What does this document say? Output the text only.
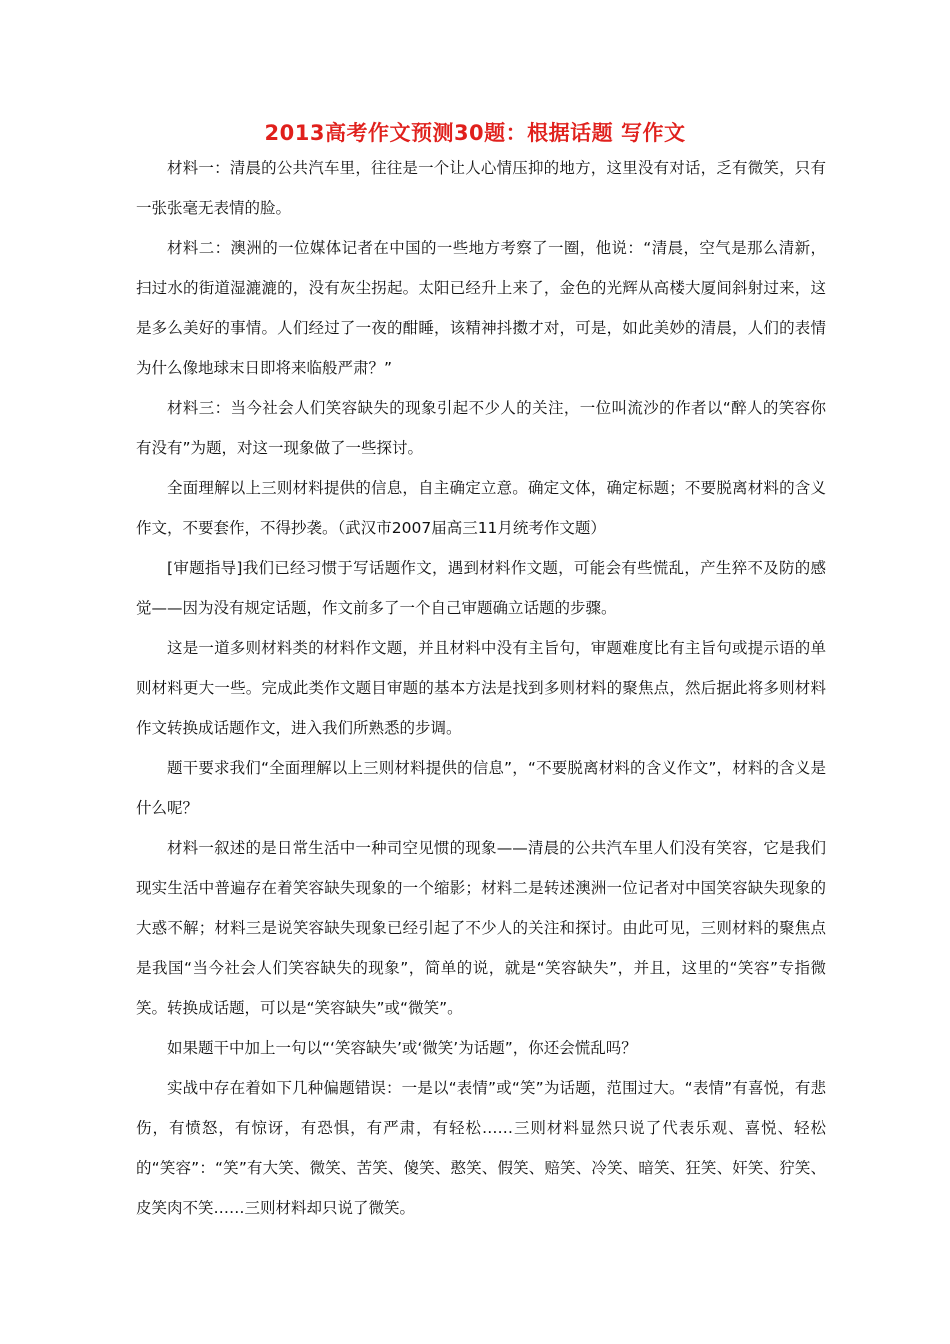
2013高考作文预测30题：根据话题 写作文

材料一：清晨的公共汽车里，往往是一个让人心情压抑的地方，这里没有对话，乏有微笑，只有一张张毫无表情的脸。

材料二：澳洲的一位媒体记者在中国的一些地方考察了一圈，他说：“清晨，空气是那么清新，扫过水的街道湿漉漉的，没有灰尘拐起。太阳已经升上来了，金色的光辉从高楼大厦间斜射过来，这是多么美好的事情。人们经过了一夜的酣睡，该精神抖擞才对，可是，如此美妙的清晨，人们的表情为什么像地球末日即将来临般严肃？”

材料三：当今社会人们笑容缺失的现象引起不少人的关注，一位叫流沙的作者以“醉人的笑容你有没有”为题，对这一现象做了一些探讨。

全面理解以上三则材料提供的信息，自主确定立意。确定文体，确定标题；不要脱离材料的含义作文，不要套作，不得抄袭。（武汉市2007届高三11月统考作文题）

[审题指导]我们已经习惯于写话题作文，遇到材料作文题，可能会有些慌乱，产生猝不及防的感觉——因为没有规定话题，作文前多了一个自己审题确立话题的步骤。

这是一道多则材料类的材料作文题，并且材料中没有主旨句，审题难度比有主旨句或提示语的单则材料更大一些。完成此类作文题目审题的基本方法是找到多则材料的聚焦点，然后据此将多则材料作文转换成话题作文，进入我们所熟悉的步调。

题干要求我们“全面理解以上三则材料提供的信息”，“不要脱离材料的含义作文”，材料的含义是什么呢？

材料一叙述的是日常生活中一种司空见惯的现象——清晨的公共汽车里人们没有笑容，它是我们现实生活中普遍存在着笑容缺失现象的一个缩影；材料二是转述澳洲一位记者对中国笑容缺失现象的大惑不解；材料三是说笑容缺失现象已经引起了不少人的关注和探讨。由此可见，三则材料的聚焦点是我国“当今社会人们笑容缺失的现象”，简单的说，就是“笑容缺失”，并且，这里的“笑容”专指微笑。转换成话题，可以是“笑容缺失”或“微笑”。

如果题干中加上一句以“‘笑容缺失’或‘微笑’为话题”，你还会慌乱吗？

实战中存在着如下几种偏题错误：一是以“表情”或“笑”为话题，范围过大。“表情”有喜悦，有悲伤，有愤怒，有惊讶，有恐惧，有严肃，有轻松……三则材料显然只说了代表乐观、喜悦、轻松的“笑容”：“笑”有大笑、微笑、苦笑、傻笑、憨笑、假笑、赔笑、冷笑、暗笑、狂笑、奸笑、狞笑、皮笑肉不笑……三则材料却只说了微笑。
